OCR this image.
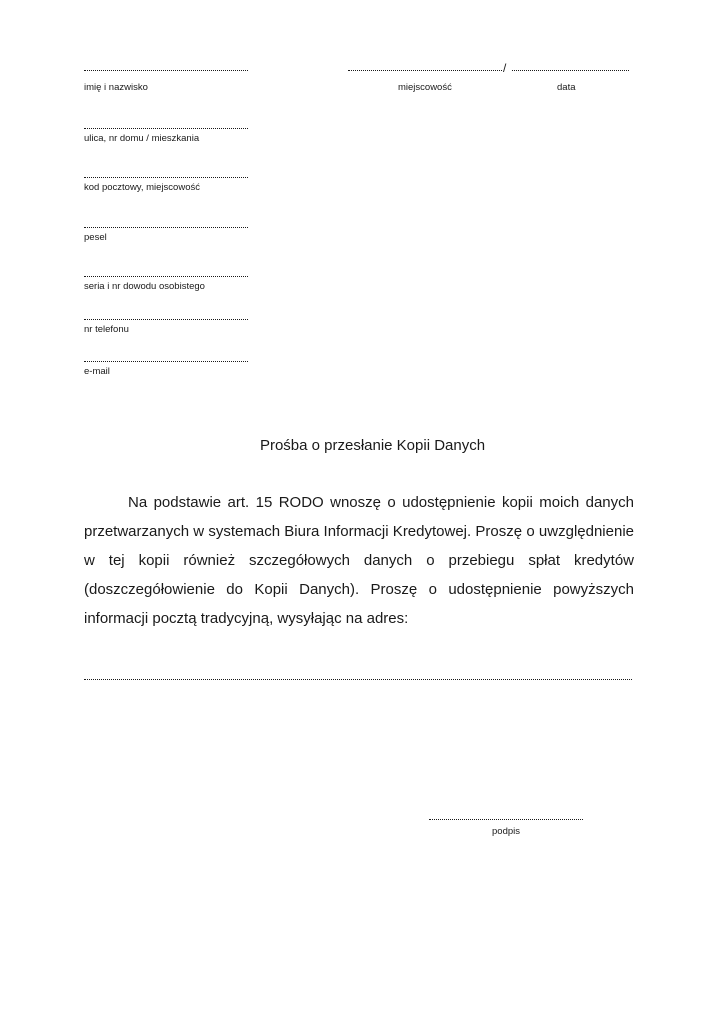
imię i nazwisko
ulica, nr domu / mieszkania
kod pocztowy, miejscowość
pesel
seria i nr dowodu osobistego
nr telefonu
e-mail
/
miejscowość	data
Prośba o przesłanie Kopii Danych

Na podstawie art. 15 RODO wnoszę o udostępnienie kopii moich danych przetwarzanych w systemach Biura Informacji Kredytowej. Proszę o uwzględnienie w tej kopii również szczegółowych danych o przebiegu spłat kredytów (doszczegółowienie do Kopii Danych). Proszę o udostępnienie powyższych informacji pocztą tradycyjną, wysyłając na adres:

podpis
